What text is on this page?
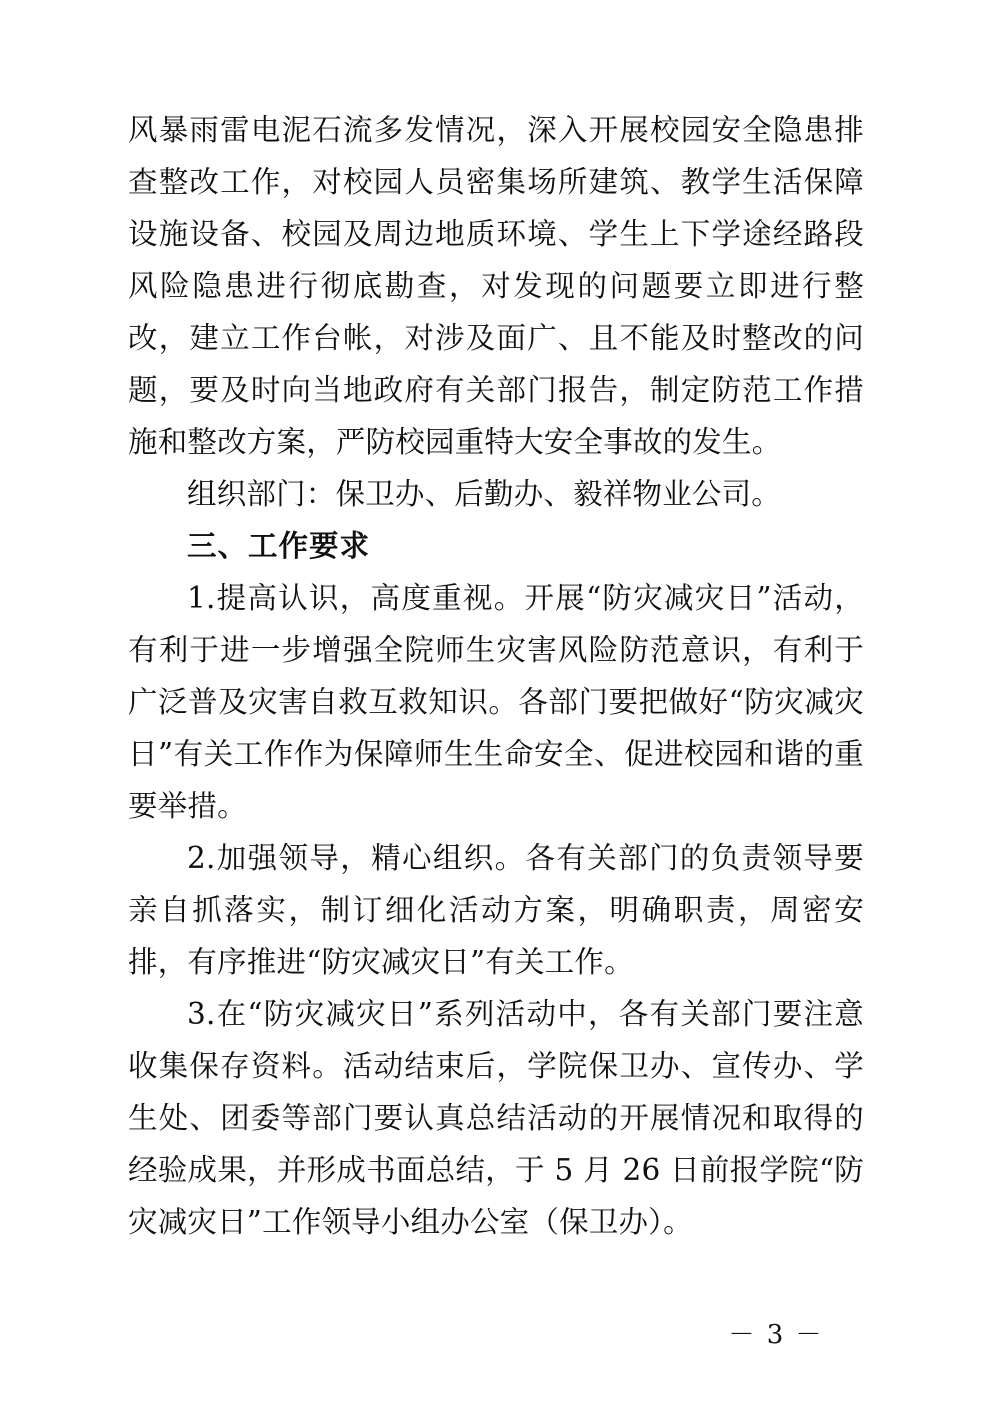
风暴雨雷电泥石流多发情况，深入开展校园安全隐患排查整改工作，对校园人员密集场所建筑、教学生活保障设施设备、校园及周边地质环境、学生上下学途经路段风险隐患进行彻底勘查，对发现的问题要立即进行整改，建立工作台帐，对涉及面广、且不能及时整改的问题，要及时向当地政府有关部门报告，制定防范工作措施和整改方案，严防校园重特大安全事故的发生。

组织部门：保卫办、后勤办、毅祥物业公司。

三、工作要求

1.提高认识，高度重视。开展“防灾减灾日”活动，有利于进一步增强全院师生灾害风险防范意识，有利于广泛普及灾害自救互救知识。各部门要把做好“防灾减灾日”有关工作作为保障师生生命安全、促进校园和谐的重要举措。

2.加强领导，精心组织。各有关部门的负责领导要亲自抓落实，制订细化活动方案，明确职责，周密安排，有序推进“防灾减灾日”有关工作。

3.在“防灾减灾日”系列活动中，各有关部门要注意收集保存资料。活动结束后，学院保卫办、宣传办、学生处、团委等部门要认真总结活动的开展情况和取得的经验成果，并形成书面总结，于 5 月 26 日前报学院“防灾减灾日”工作领导小组办公室（保卫办）。

－ 3 －
